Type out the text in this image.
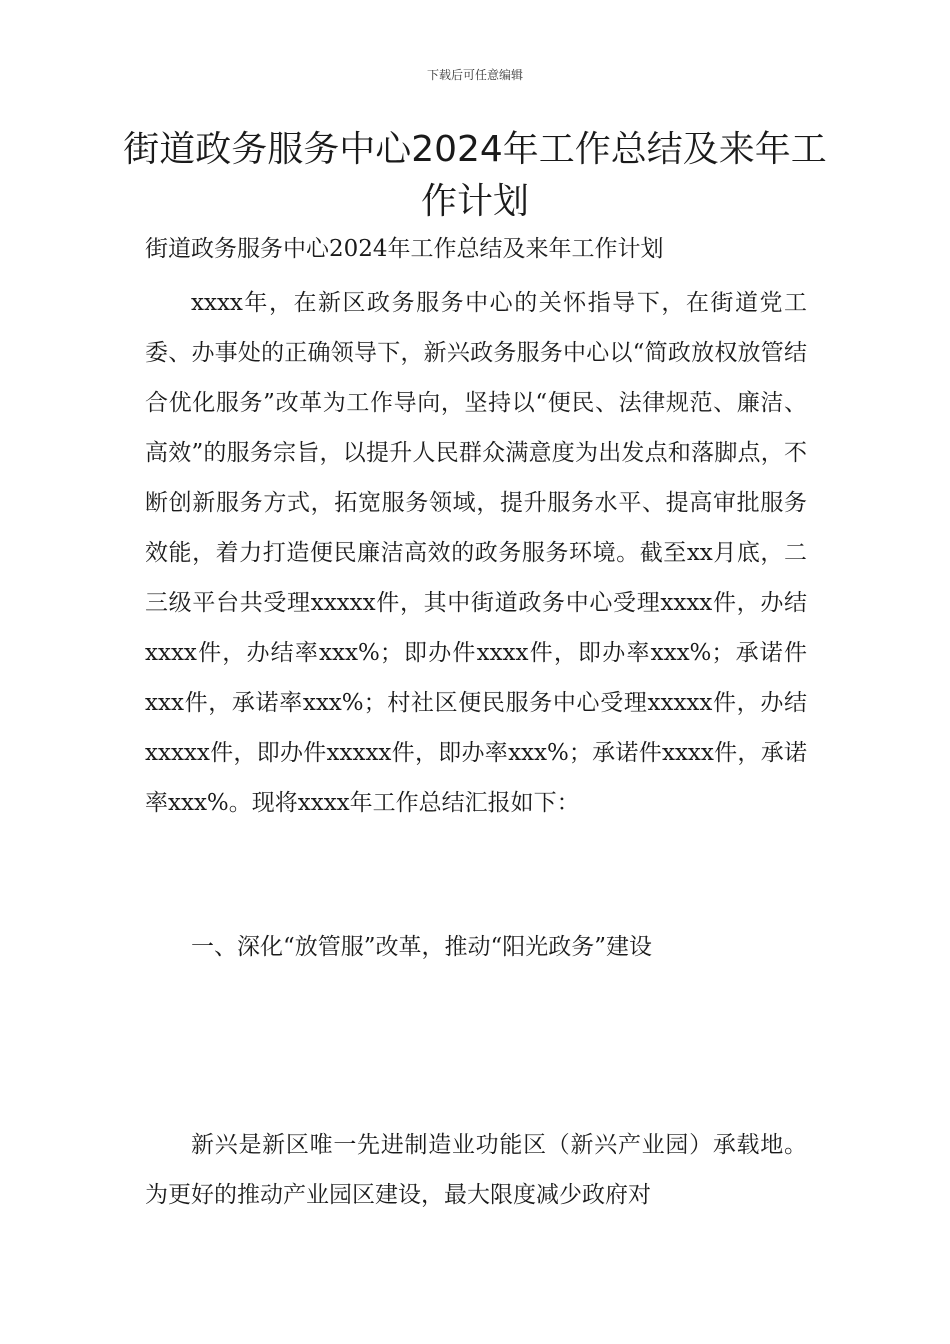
下载后可任意编辑
街道政务服务中心2024年工作总结及来年工作计划
街道政务服务中心2024年工作总结及来年工作计划

xxxx年，在新区政务服务中心的关怀指导下，在街道党工委、办事处的正确领导下，新兴政务服务中心以“简政放权放管结合优化服务”改革为工作导向，坚持以“便民、法律规范、廉洁、高效”的服务宗旨，以提升人民群众满意度为出发点和落脚点，不断创新服务方式，拓宽服务领域，提升服务水平、提高审批服务效能，着力打造便民廉洁高效的政务服务环境。截至xx月底，二三级平台共受理xxxxx件，其中街道政务中心受理xxxx件，办结xxxx件，办结率xxx%；即办件xxxx件，即办率xxx%；承诺件xxx件，承诺率xxx%；村社区便民服务中心受理xxxxx件，办结xxxxx件，即办件xxxxx件，即办率xxx%；承诺件xxxx件，承诺率xxx%。现将xxxx年工作总结汇报如下：

一、深化“放管服”改革，推动“阳光政务”建设

新兴是新区唯一先进制造业功能区（新兴产业园）承载地。为更好的推动产业园区建设，最大限度减少政府对
